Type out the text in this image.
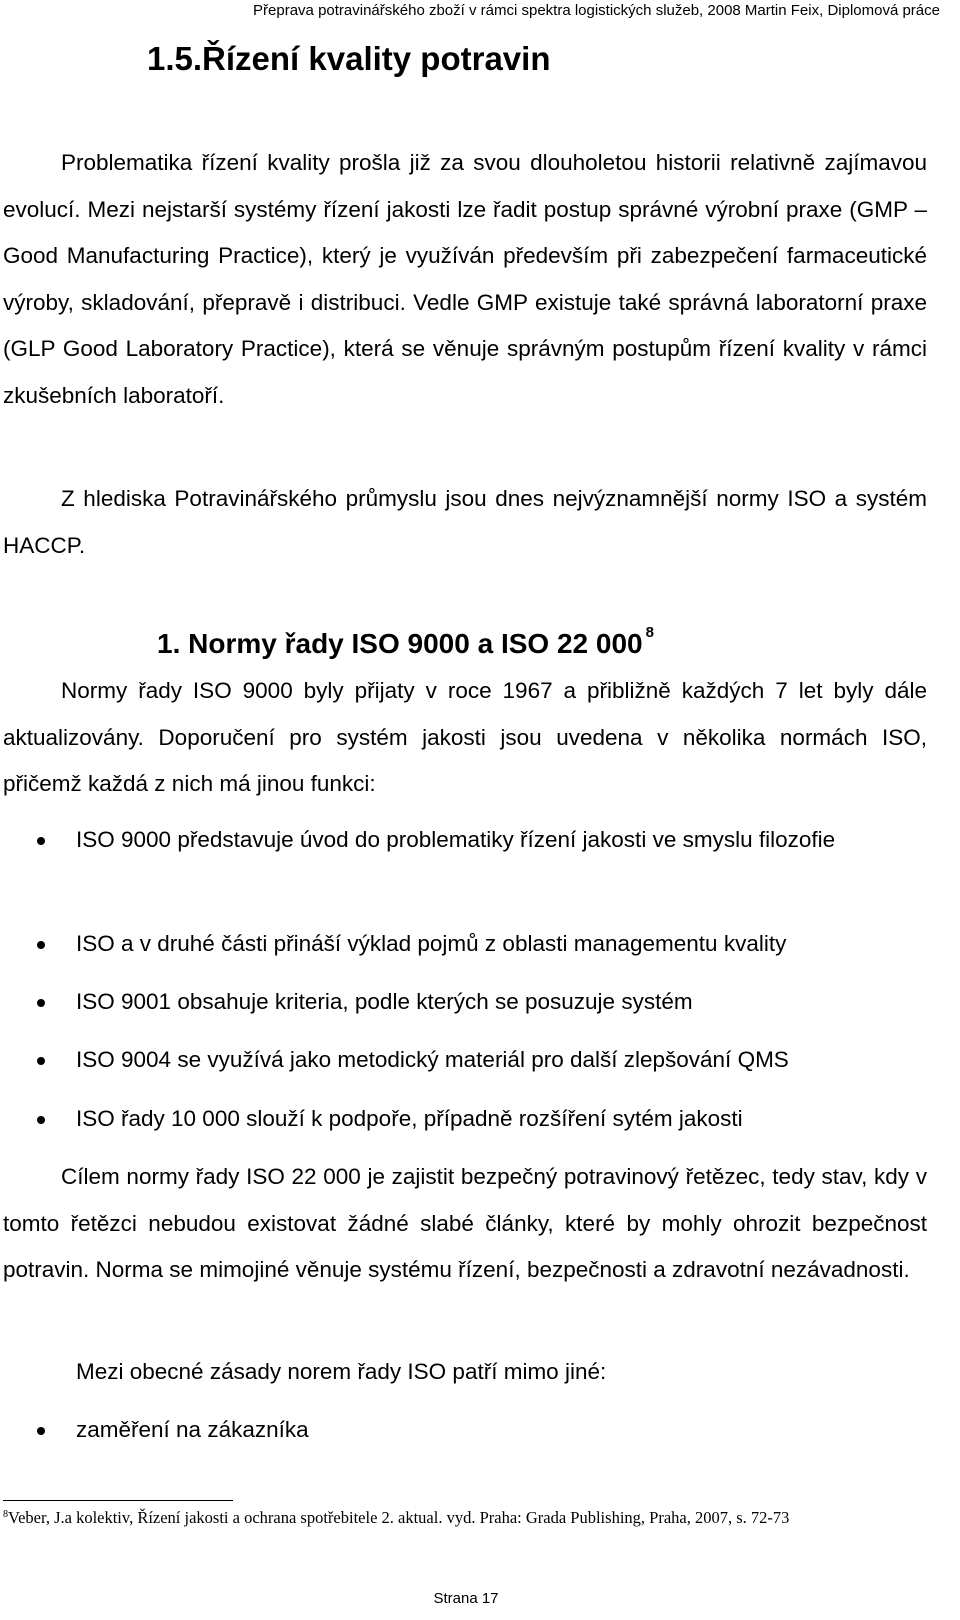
Přeprava potravinářského zboží v rámci spektra logistických služeb, 2008 Martin Feix, Diplomová práce
1.5.Řízení kvality potravin

Problematika řízení kvality prošla již za svou dlouholetou historii relativně zajímavou evolucí. Mezi nejstarší systémy řízení jakosti lze řadit postup správné výrobní praxe (GMP – Good Manufacturing Practice), který je využíván především při zabezpečení farmaceutické výroby, skladování, přepravě i distribuci. Vedle GMP existuje také správná laboratorní praxe (GLP Good Laboratory Practice), která se věnuje správným postupům řízení kvality v rámci zkušebních laboratoří.

Z hlediska Potravinářského průmyslu jsou dnes nejvýznamnější normy ISO a systém HACCP.

1. Normy řady ISO 9000 a ISO 22 000 $^8$

Normy řady ISO 9000 byly přijaty v roce 1967 a přibližně každých 7 let byly dále aktualizovány. Doporučení pro systém jakosti jsou uvedena v několika normách ISO, přičemž každá z nich má jinou funkci:

ISO 9000 představuje úvod do problematiky řízení jakosti ve smyslu filozofie
ISO a v druhé části přináší výklad pojmů z oblasti managementu kvality
ISO 9001 obsahuje kriteria, podle kterých se posuzuje systém
ISO 9004 se využívá jako metodický materiál pro další zlepšování QMS
ISO řady 10 000 slouží k podpoře, případně rozšíření sytém jakosti

Cílem normy řady ISO 22 000 je zajistit bezpečný potravinový řetězec, tedy stav, kdy v tomto řetězci nebudou existovat žádné slabé články, které by mohly ohrozit bezpečnost potravin. Norma se mimojiné věnuje systému řízení, bezpečnosti a zdravotní nezávadnosti.

Mezi obecné zásady norem řady ISO patří mimo jiné:

zaměření na zákazníka
$^8$Veber, J.a kolektiv, Řízení jakosti a ochrana spotřebitele 2. aktual. vyd. Praha: Grada Publishing, Praha, 2007, s. 72-73
Strana 17
